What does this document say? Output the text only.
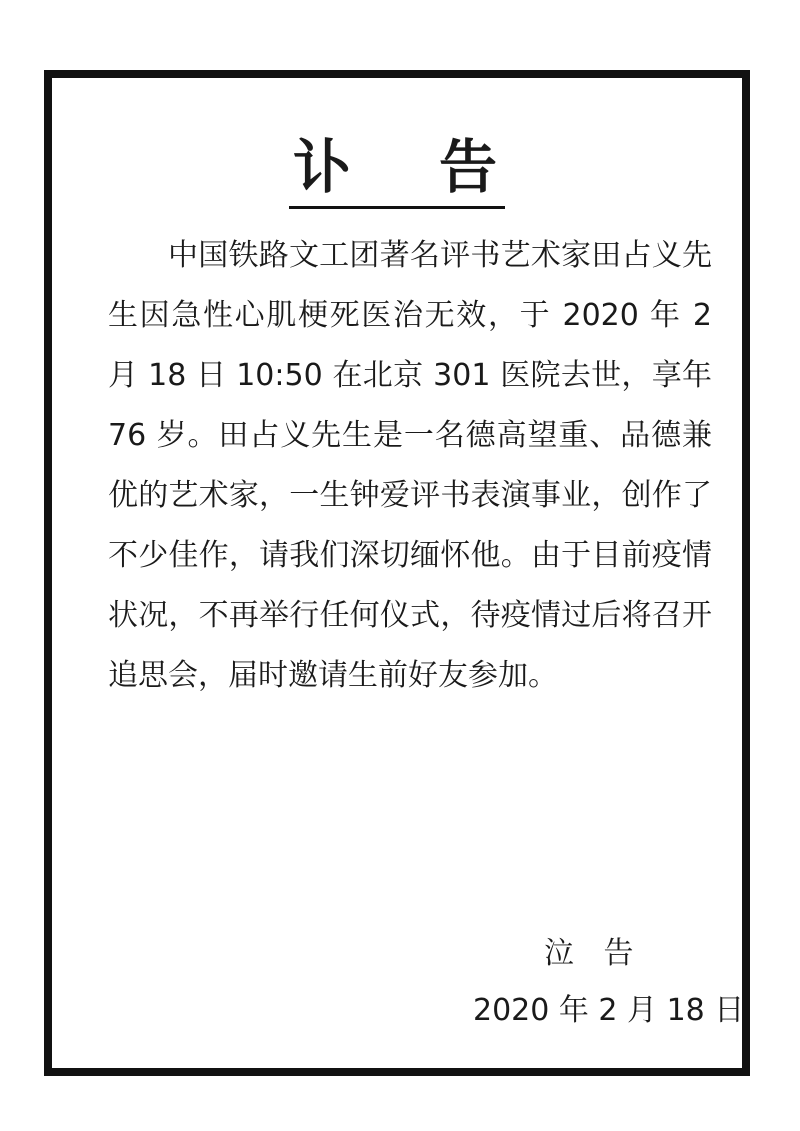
讣 告
中国铁路文工团著名评书艺术家田占义先生因急性心肌梗死医治无效，于 2020 年 2 月 18 日 10:50 在北京 301 医院去世，享年 76 岁。田占义先生是一名德高望重、品德兼优的艺术家，一生钟爱评书表演事业，创作了不少佳作，请我们深切缅怀他。由于目前疫情状况，不再举行任何仪式，待疫情过后将召开追思会，届时邀请生前好友参加。
泣 告
2020 年 2 月 18 日
